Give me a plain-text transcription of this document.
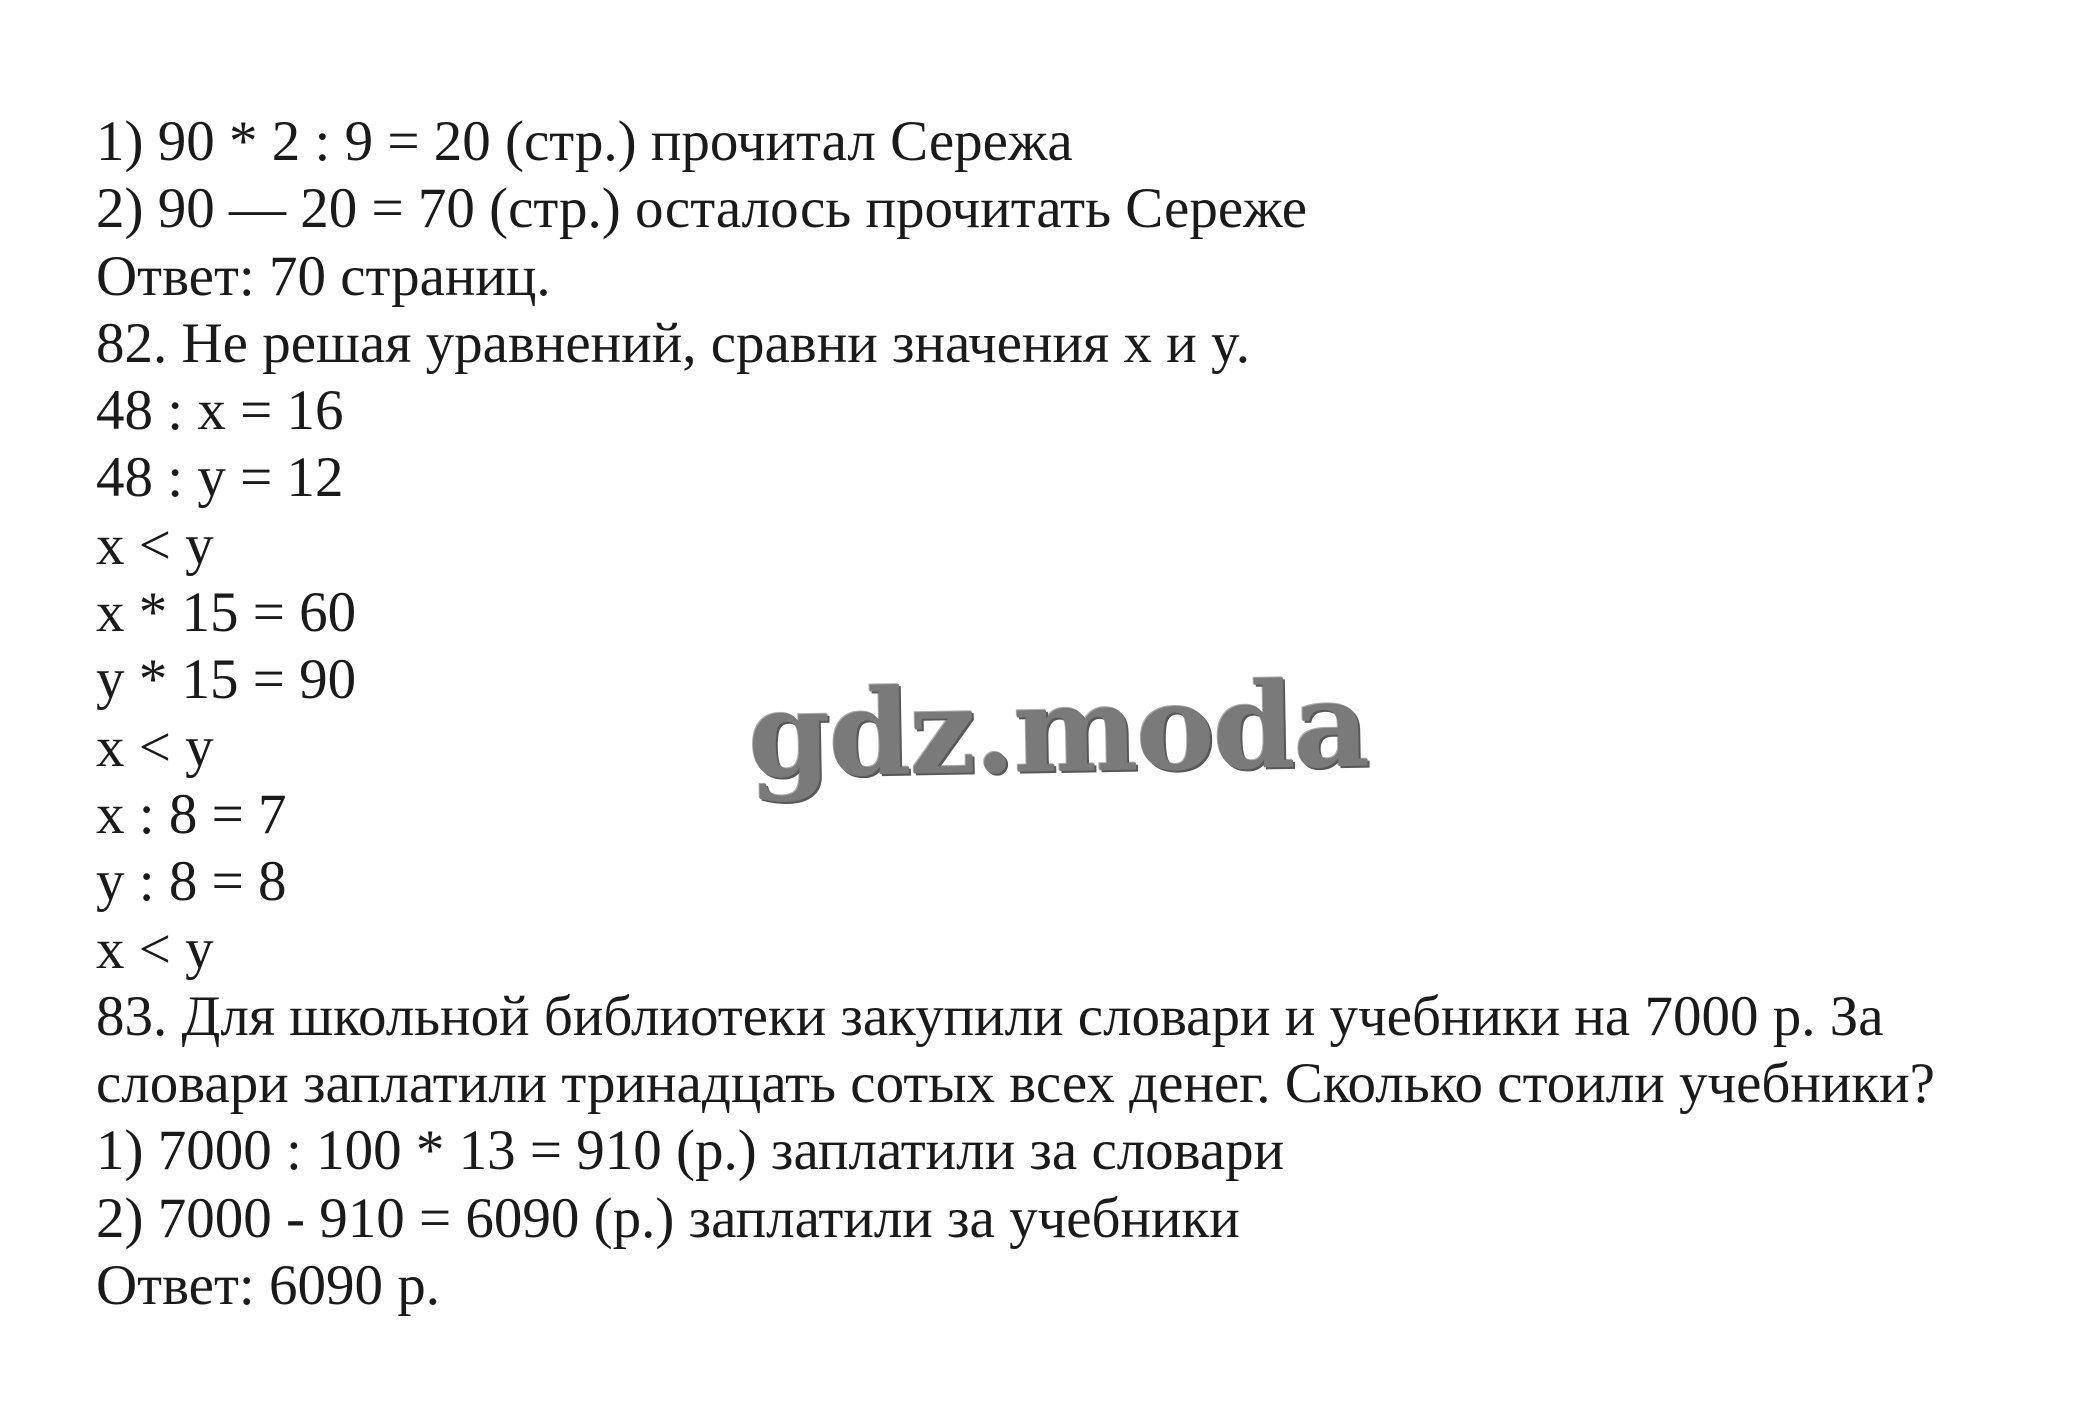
1) 90 * 2 : 9 = 20 (стр.) прочитал Сережа
2) 90 — 20 = 70 (стр.) осталось прочитать Сереже
Ответ: 70 страниц.
82. Не решая уравнений, сравни значения x и y.
48 : x = 16
48 : y = 12
x < y
x * 15 = 60
y * 15 = 90
x < y
x : 8 = 7
y : 8 = 8
x < y
83. Для школьной библиотеки закупили словари и учебники на 7000 р. За
словари заплатили тринадцать сотых всех денег. Сколько стоили учебники?
1) 7000 : 100 * 13 = 910 (р.) заплатили за словари
2) 7000 - 910 = 6090 (р.) заплатили за учебники
Ответ: 6090 р.
gdz.moda
